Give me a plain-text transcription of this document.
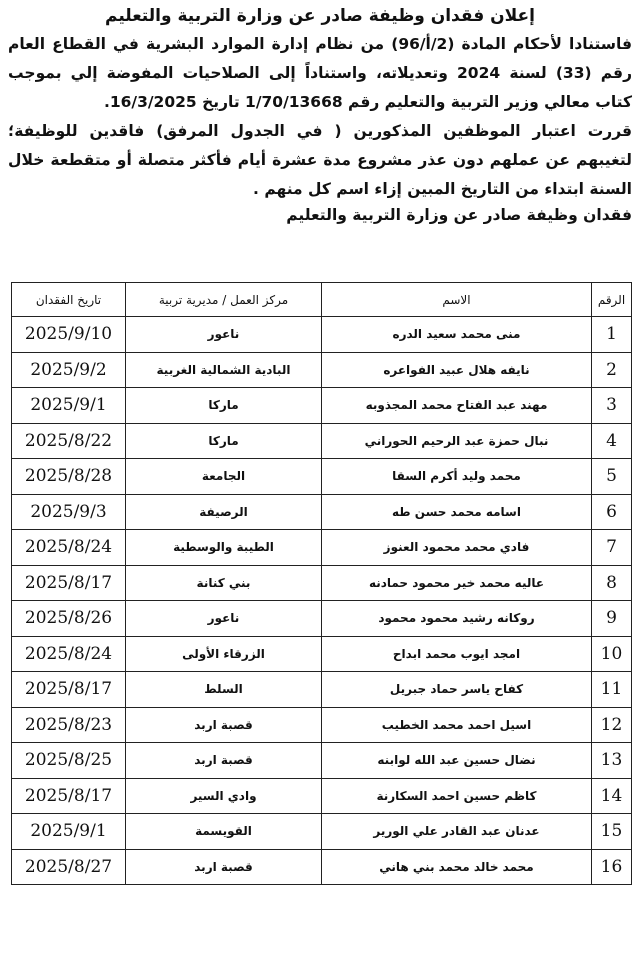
إعلان فقدان وظيفة صادر عن وزارة التربية والتعليم
فاستنادا لأحكام المادة (2/أ/96) من نظام إدارة الموارد البشرية في القطاع العام رقم (33) لسنة 2024 وتعديلاته، واستناداً إلى الصلاحيات المفوضة إلي بموجب كتاب معالي وزير التربية والتعليم رقم 1/70/13668 تاريخ 16/3/2025.
قررت اعتبار الموظفين المذكورين ( في الجدول المرفق) فاقدين للوظيفة؛ لتغيبهم عن عملهم دون عذر مشروع مدة عشرة أيام فأكثر متصلة أو متقطعة خلال السنة ابتداء من التاريخ المبين إزاء اسم كل منهم .
فقدان وظيفة صادر عن وزارة التربية والتعليم
الرقم	الاسم	مركز العمل / مديرية تربية	تاريخ الفقدان
1	منى محمد سعيد الدره	ناعور	2025/9/10
2	نايفه هلال عبيد الفواعره	البادية الشمالية الغربية	2025/9/2
3	مهند عبد الفتاح محمد المجذوبه	ماركا	2025/9/1
4	نبال حمزة عبد الرحيم الحوراني	ماركا	2025/8/22
5	محمد وليد أكرم السقا	الجامعة	2025/8/28
6	اسامه محمد حسن طه	الرصيفة	2025/9/3
7	فادي محمد محمود العنوز	الطيبة والوسطية	2025/8/24
8	عاليه محمد خير محمود حمادنه	بني كنانة	2025/8/17
9	روكانه رشيد محمود محمود	ناعور	2025/8/26
10	امجد ايوب محمد ابداح	الزرقاء الأولى	2025/8/24
11	كفاح ياسر حماد جبريل	السلط	2025/8/17
12	اسيل احمد محمد الخطيب	قصبة اربد	2025/8/23
13	نضال حسين عبد الله لوابنه	قصبة اربد	2025/8/25
14	كاظم حسين احمد السكارنة	وادي السير	2025/8/17
15	عدنان عبد القادر علي الورير	القويسمة	2025/9/1
16	محمد خالد محمد بني هاني	قصبة اربد	2025/8/27
